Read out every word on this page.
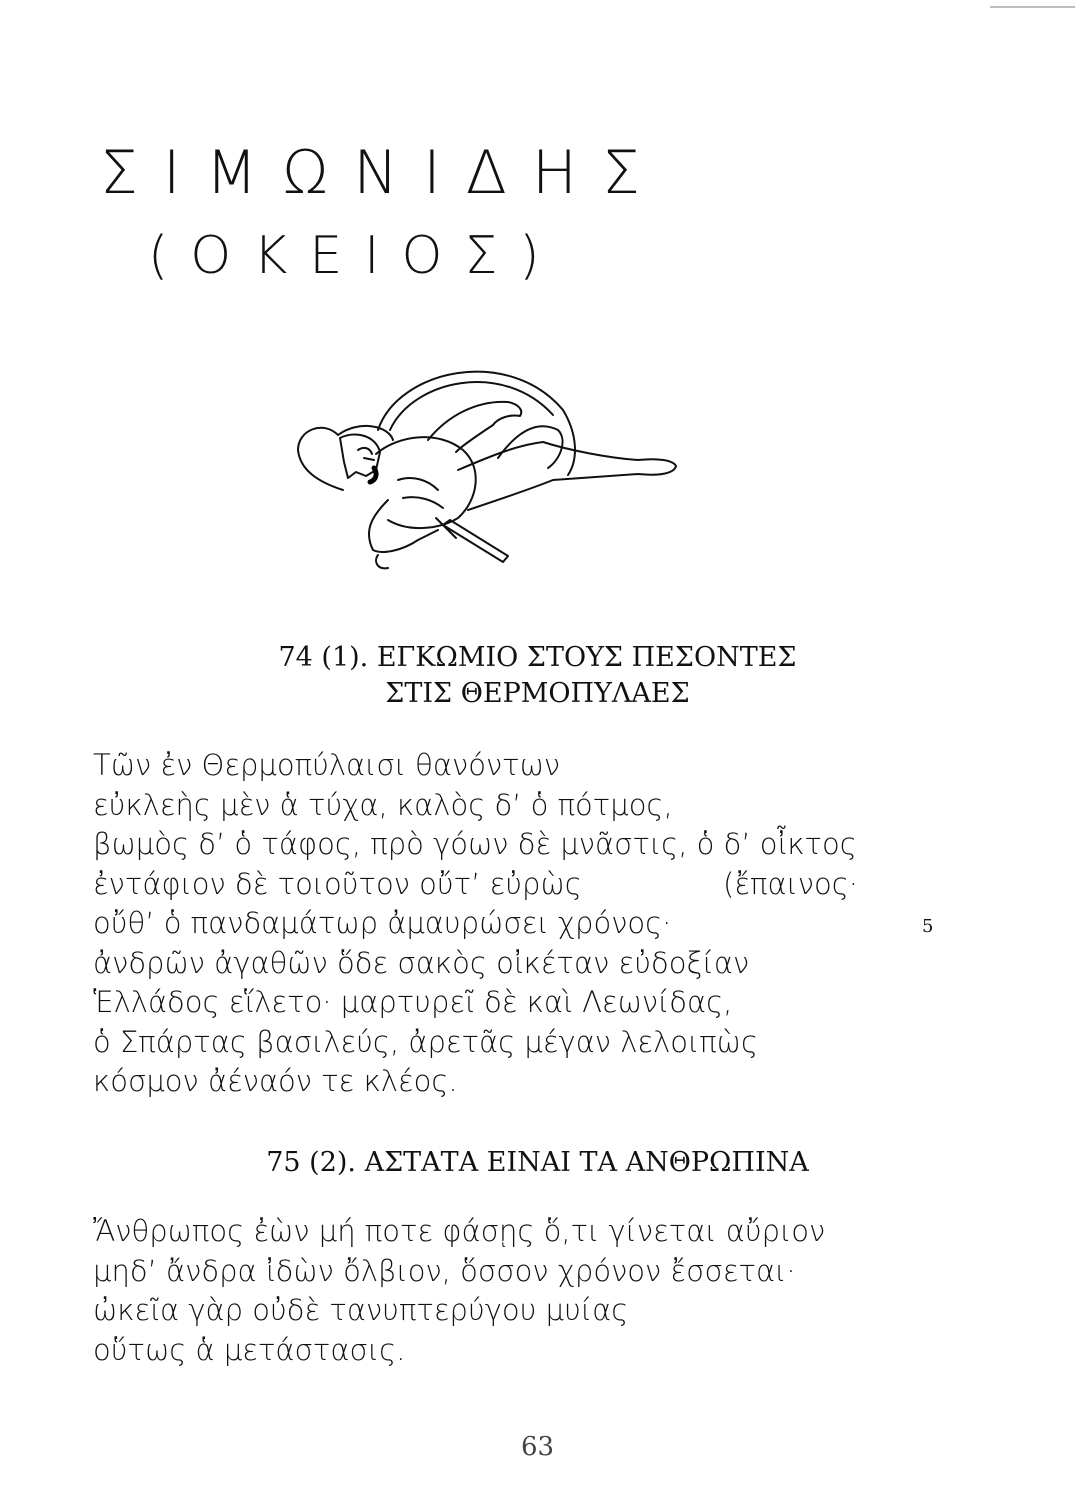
ΣΙΜΩΝΙΔΗΣ
(ΟΚΕΙΟΣ)
74 (1). ΕΓΚΩΜΙΟ ΣΤΟΥΣ ΠΕΣΟΝΤΕΣ
ΣΤΙΣ ΘΕΡΜΟΠΥΛΑΕΣ
Τῶν ἐν Θερμοπύλαισι θανόντων
εὐκλεὴς μὲν ἁ τύχα, καλὸς δ’ ὁ πότμος,
βωμὸς δ’ ὁ τάφος, πρὸ γόων δὲ μνᾶστις, ὁ δ’ οἶκτος
ἐντάφιον δὲ τοιοῦτον οὔτ’ εὐρὼς	(ἔπαινος·
οὔθ’ ὁ πανδαμάτωρ ἀμαυρώσει χρόνος·
ἀνδρῶν ἀγαθῶν ὅδε σακὸς οἰκέταν εὐδοξίαν
Ἑλλάδος εἵλετο· μαρτυρεῖ δὲ καὶ Λεωνίδας,
ὁ Σπάρτας βασιλεύς, ἀρετᾶς μέγαν λελοιπὼς
κόσμον ἀέναόν τε κλέος.
5
75 (2). ΑΣΤΑΤΑ ΕΙΝΑΙ ΤΑ ΑΝΘΡΩΠΙΝΑ
Ἄνθρωπος ἐὼν μή ποτε φάσῃς ὅ,τι γίνεται αὔριον
μηδ’ ἄνδρα ἰδὼν ὄλβιον, ὅσσον χρόνον ἔσσεται·
ὠκεῖα γὰρ οὐδὲ τανυπτερύγου μυίας
οὕτως ἁ μετάστασις.
63
